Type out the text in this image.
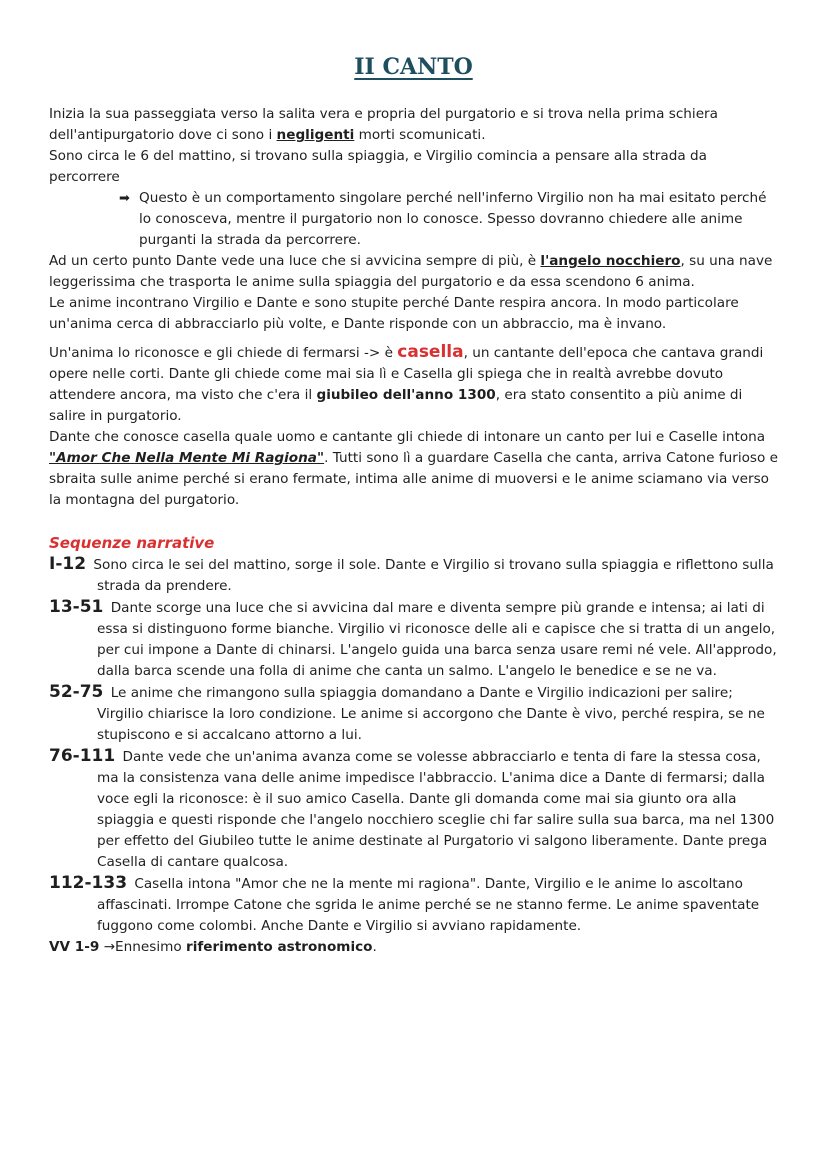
II CANTO

Inizia la sua passeggiata verso la salita vera e propria del purgatorio e si trova nella prima schiera dell'antipurgatorio dove ci sono i negligenti morti scomunicati.

Sono circa le 6 del mattino, si trovano sulla spiaggia, e Virgilio comincia a pensare alla strada da percorrere

➡ Questo è un comportamento singolare perché nell'inferno Virgilio non ha mai esitato perché lo conosceva, mentre il purgatorio non lo conosce. Spesso dovranno chiedere alle anime purganti la strada da percorrere.

Ad un certo punto Dante vede una luce che si avvicina sempre di più, è l'angelo nocchiero, su una nave leggerissima che trasporta le anime sulla spiaggia del purgatorio e da essa scendono 6 anima.

Le anime incontrano Virgilio e Dante e sono stupite perché Dante respira ancora. In modo particolare un'anima cerca di abbracciarlo più volte, e Dante risponde con un abbraccio, ma è invano.

Un'anima lo riconosce e gli chiede di fermarsi -> è casella, un cantante dell'epoca che cantava grandi opere nelle corti. Dante gli chiede come mai sia lì e Casella gli spiega che in realtà avrebbe dovuto attendere ancora, ma visto che c'era il giubileo dell'anno 1300, era stato consentito a più anime di salire in purgatorio.

Dante che conosce casella quale uomo e cantante gli chiede di intonare un canto per lui e Caselle intona "Amor Che Nella Mente Mi Ragiona". Tutti sono lì a guardare Casella che canta, arriva Catone furioso e sbraita sulle anime perché si erano fermate, intima alle anime di muoversi e le anime sciamano via verso la montagna del purgatorio.

Sequenze narrative

I-12 Sono circa le sei del mattino, sorge il sole. Dante e Virgilio si trovano sulla spiaggia e riflettono sulla strada da prendere.

13-51 Dante scorge una luce che si avvicina dal mare e diventa sempre più grande e intensa; ai lati di essa si distinguono forme bianche. Virgilio vi riconosce delle ali e capisce che si tratta di un angelo, per cui impone a Dante di chinarsi. L'angelo guida una barca senza usare remi né vele. All'approdo, dalla barca scende una folla di anime che canta un salmo. L'angelo le benedice e se ne va.

52-75 Le anime che rimangono sulla spiaggia domandano a Dante e Virgilio indicazioni per salire; Virgilio chiarisce la loro condizione. Le anime si accorgono che Dante è vivo, perché respira, se ne stupiscono e si accalcano attorno a lui.

76-111 Dante vede che un'anima avanza come se volesse abbracciarlo e tenta di fare la stessa cosa, ma la consistenza vana delle anime impedisce l'abbraccio. L'anima dice a Dante di fermarsi; dalla voce egli la riconosce: è il suo amico Casella. Dante gli domanda come mai sia giunto ora alla spiaggia e questi risponde che l'angelo nocchiero sceglie chi far salire sulla sua barca, ma nel 1300 per effetto del Giubileo tutte le anime destinate al Purgatorio vi salgono liberamente. Dante prega Casella di cantare qualcosa.

112-133 Casella intona "Amor che ne la mente mi ragiona". Dante, Virgilio e le anime lo ascoltano affascinati. Irrompe Catone che sgrida le anime perché se ne stanno ferme. Le anime spaventate fuggono come colombi. Anche Dante e Virgilio si avviano rapidamente.

VV 1-9 →Ennesimo riferimento astronomico.
